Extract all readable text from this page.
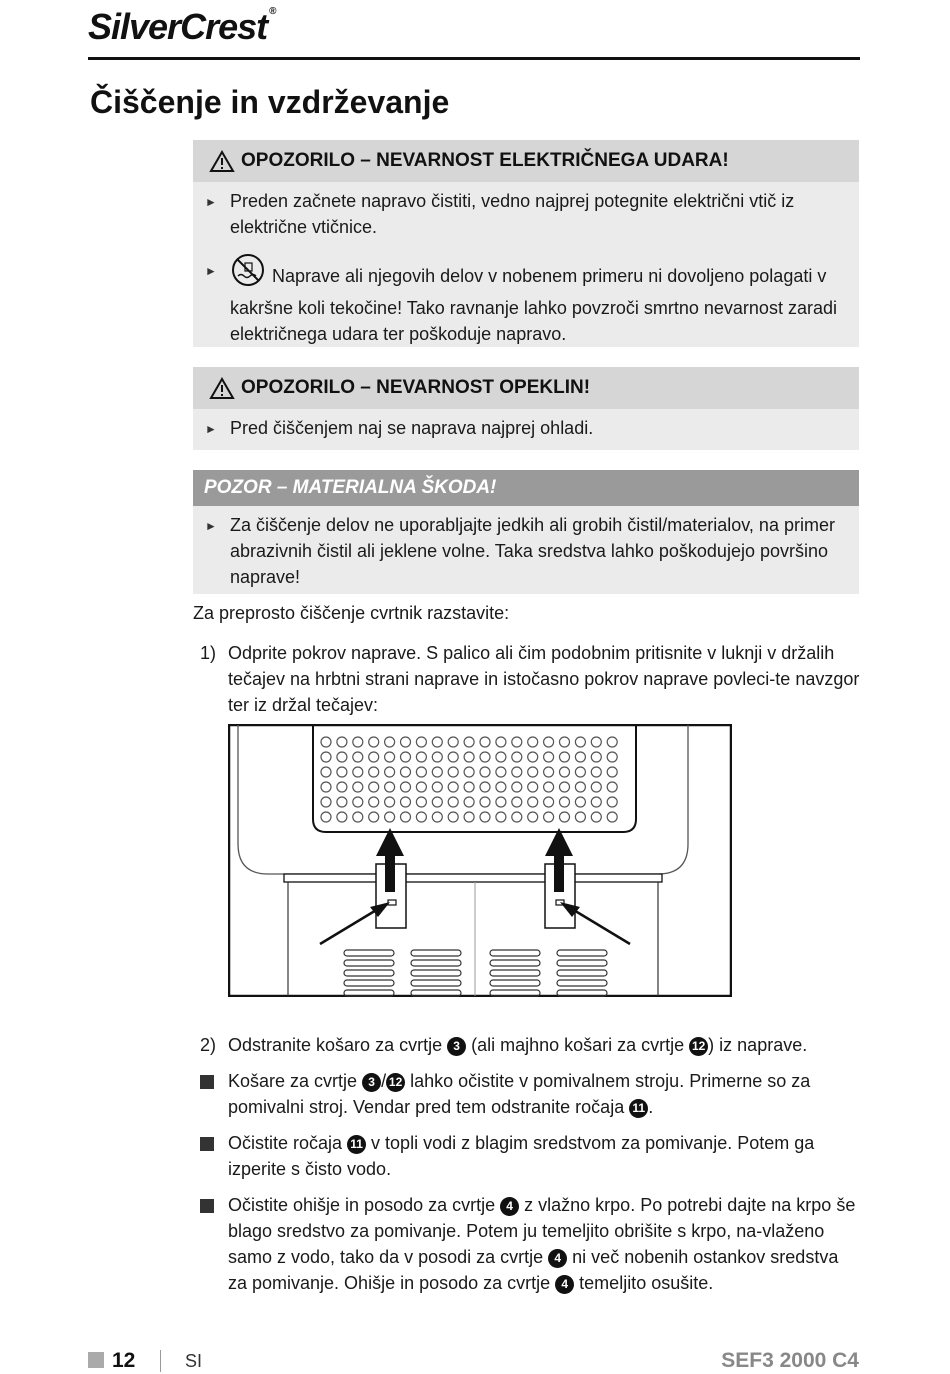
SilverCrest ®
Čiščenje in vzdrževanje
OPOZORILO – NEVARNOST ELEKTRIČNEGA UDARA!
► Preden začnete napravo čistiti, vedno najprej potegnite električni vtič iz električne vtičnice.
►	Naprave ali njegovih delov v nobenem primeru ni dovoljeno polagati v kakršne koli tekočine! Tako ravnanje lahko povzroči smrtno nevarnost zaradi električnega udara ter poškoduje napravo.
OPOZORILO – NEVARNOST OPEKLIN!
► Pred čiščenjem naj se naprava najprej ohladi.
POZOR – MATERIALNA ŠKODA!
► Za čiščenje delov ne uporabljajte jedkih ali grobih čistil/materialov, na primer abrazivnih čistil ali jeklene volne. Taka sredstva lahko poškodujejo površino naprave!
Za preprosto čiščenje cvrtnik razstavite:
1) Odprite pokrov naprave. S palico ali čim podobnim pritisnite v luknji v držalih tečajev na hrbtni strani naprave in istočasno pokrov naprave povleci-te navzgor ter iz držal tečajev:
2) Odstranite košaro za cvrtje 3 (ali majhno košari za cvrtje 12 ) iz naprave.
Košare za cvrtje 3 / 12 lahko očistite v pomivalnem stroju. Primerne so za pomivalni stroj. Vendar pred tem odstranite ročaja 11 .
Očistite ročaja 11 v topli vodi z blagim sredstvom za pomivanje. Potem ga izperite s čisto vodo.
Očistite ohišje in posodo za cvrtje 4 z vlažno krpo. Po potrebi dajte na krpo še blago sredstvo za pomivanje. Potem ju temeljito obrišite s krpo, na-vlaženo samo z vodo, tako da v posodi za cvrtje 4 ni več nobenih ostankov sredstva za pomivanje. Ohišje in posodo za cvrtje 4 temeljito osušite.
12	SI	SEF3 2000 C4
